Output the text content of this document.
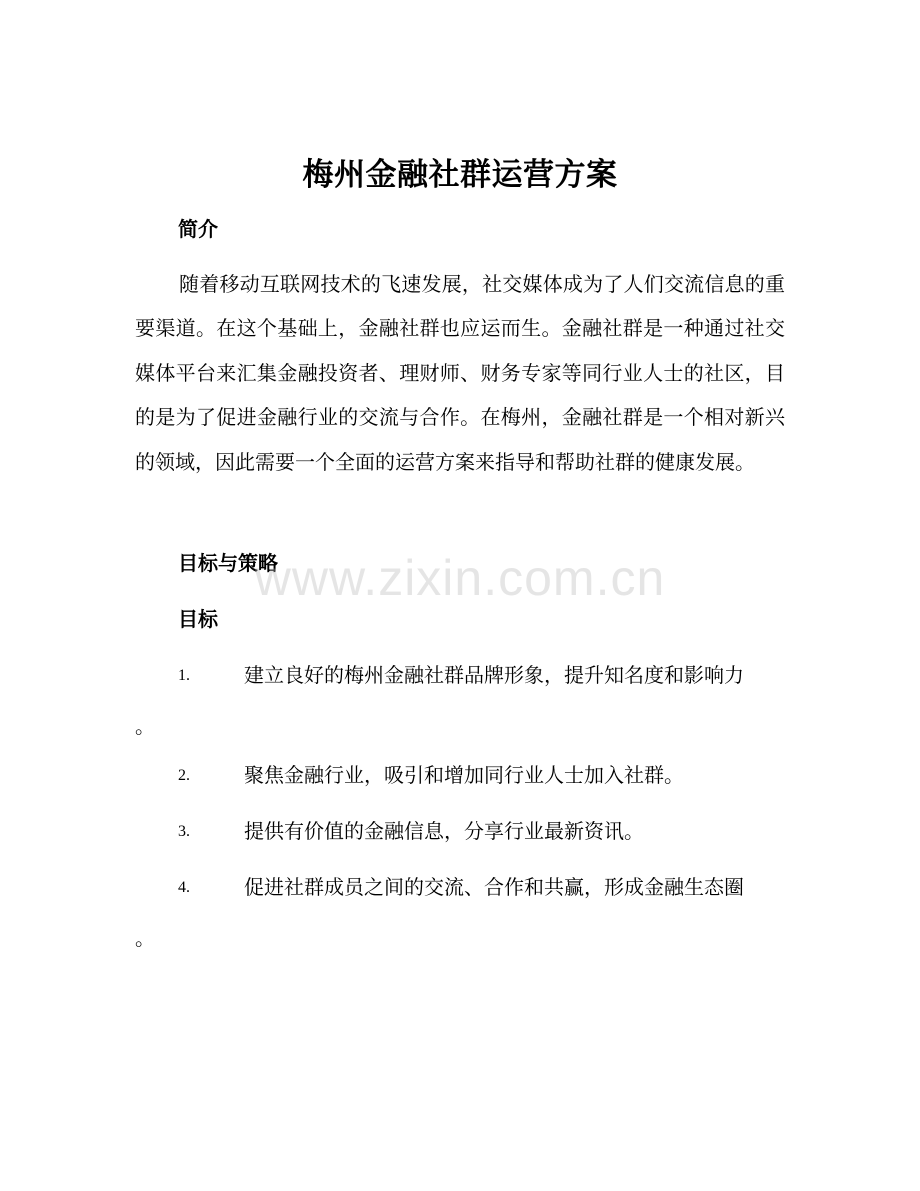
梅州金融社群运营方案
简介
随着移动互联网技术的飞速发展，社交媒体成为了人们交流信息的重要渠道。在这个基础上，金融社群也应运而生。金融社群是一种通过社交媒体平台来汇集金融投资者、理财师、财务专家等同行业人士的社区，目的是为了促进金融行业的交流与合作。在梅州，金融社群是一个相对新兴的领域，因此需要一个全面的运营方案来指导和帮助社群的健康发展。
目标与策略
目标
1.	建立良好的梅州金融社群品牌形象，提升知名度和影响力
。
2.	聚焦金融行业，吸引和增加同行业人士加入社群。
3.	提供有价值的金融信息，分享行业最新资讯。
4.	促进社群成员之间的交流、合作和共赢，形成金融生态圈
。
www.zixin.com.cn
